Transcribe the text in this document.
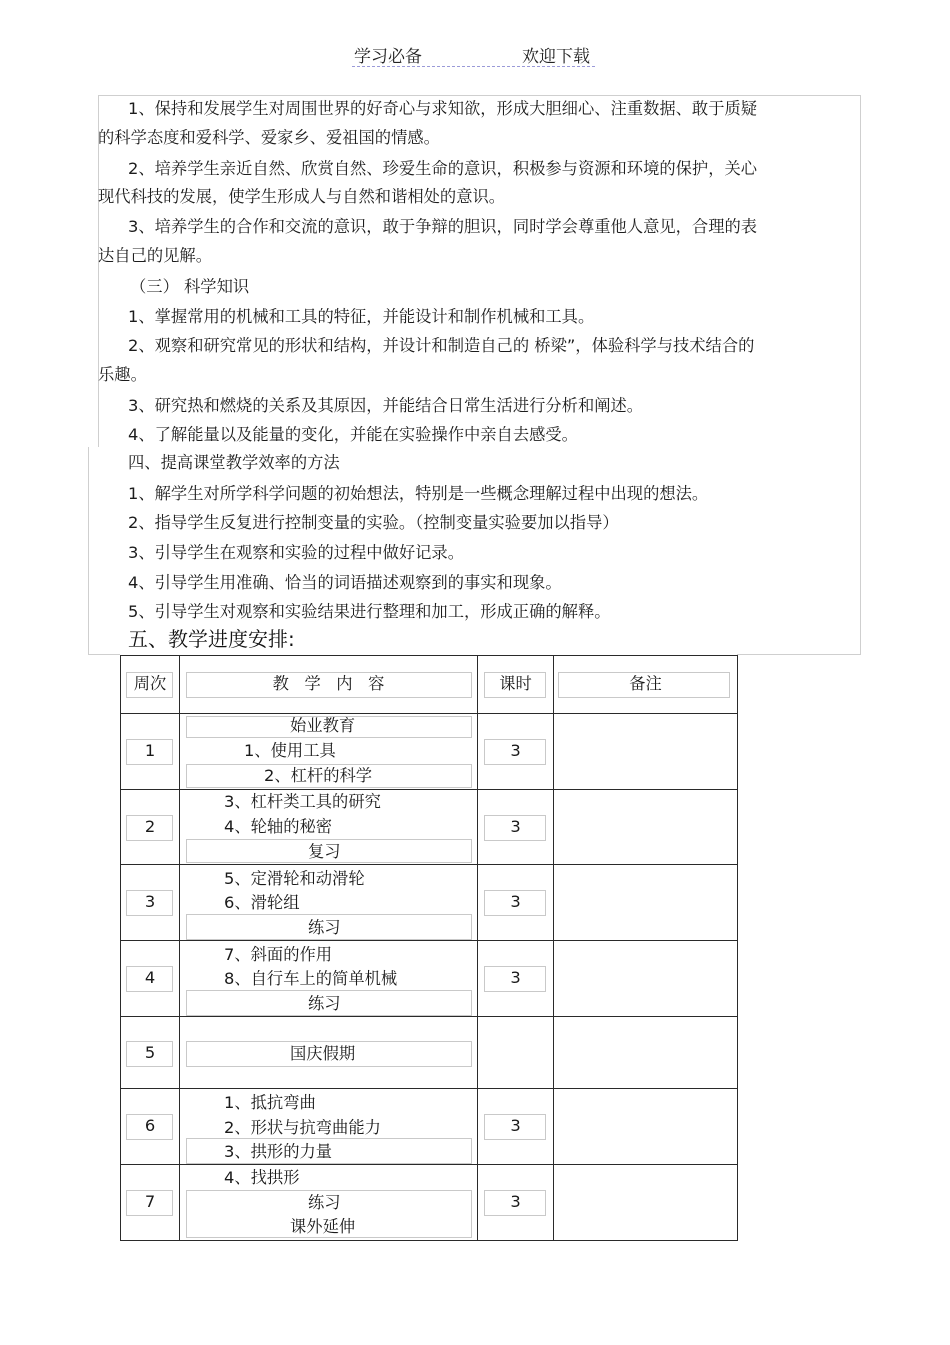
学习必备	欢迎下载
1、保持和发展学生对周围世界的好奇心与求知欲，形成大胆细心、注重数据、敢于质疑
的科学态度和爱科学、爱家乡、爱祖国的情感。
2、培养学生亲近自然、欣赏自然、珍爱生命的意识，积极参与资源和环境的保护，关心
现代科技的发展，使学生形成人与自然和谐相处的意识。
3、培养学生的合作和交流的意识，敢于争辩的胆识，同时学会尊重他人意见，合理的表
达自己的见解。
（三） 科学知识
1、掌握常用的机械和工具的特征，并能设计和制作机械和工具。
2、观察和研究常见的形状和结构，并设计和制造自己的 桥梁”，体验科学与技术结合的
乐趣。
3、研究热和燃烧的关系及其原因，并能结合日常生活进行分析和阐述。
4、了解能量以及能量的变化，并能在实验操作中亲自去感受。
四、提高课堂教学效率的方法
1、解学生对所学科学问题的初始想法，特别是一些概念理解过程中出现的想法。
2、指导学生反复进行控制变量的实验。（控制变量实验要加以指导）
3、引导学生在观察和实验的过程中做好记录。
4、引导学生用准确、恰当的词语描述观察到的事实和现象。
5、引导学生对观察和实验结果进行整理和加工，形成正确的解释。
五、教学进度安排:
周次	教   学   内   容	课时	备注

1	始业教育
1、使用工具
2、杠杆的科学	3	

2	3、杠杆类工具的研究
4、轮轴的秘密
复习	3	

3	5、定滑轮和动滑轮
6、滑轮组
练习	3	

4	7、斜面的作用
8、自行车上的简单机械
练习	3	

5	国庆假期		

6	1、抵抗弯曲
2、形状与抗弯曲能力
3、拱形的力量	3	

7	4、找拱形
练习
课外延伸	3	
